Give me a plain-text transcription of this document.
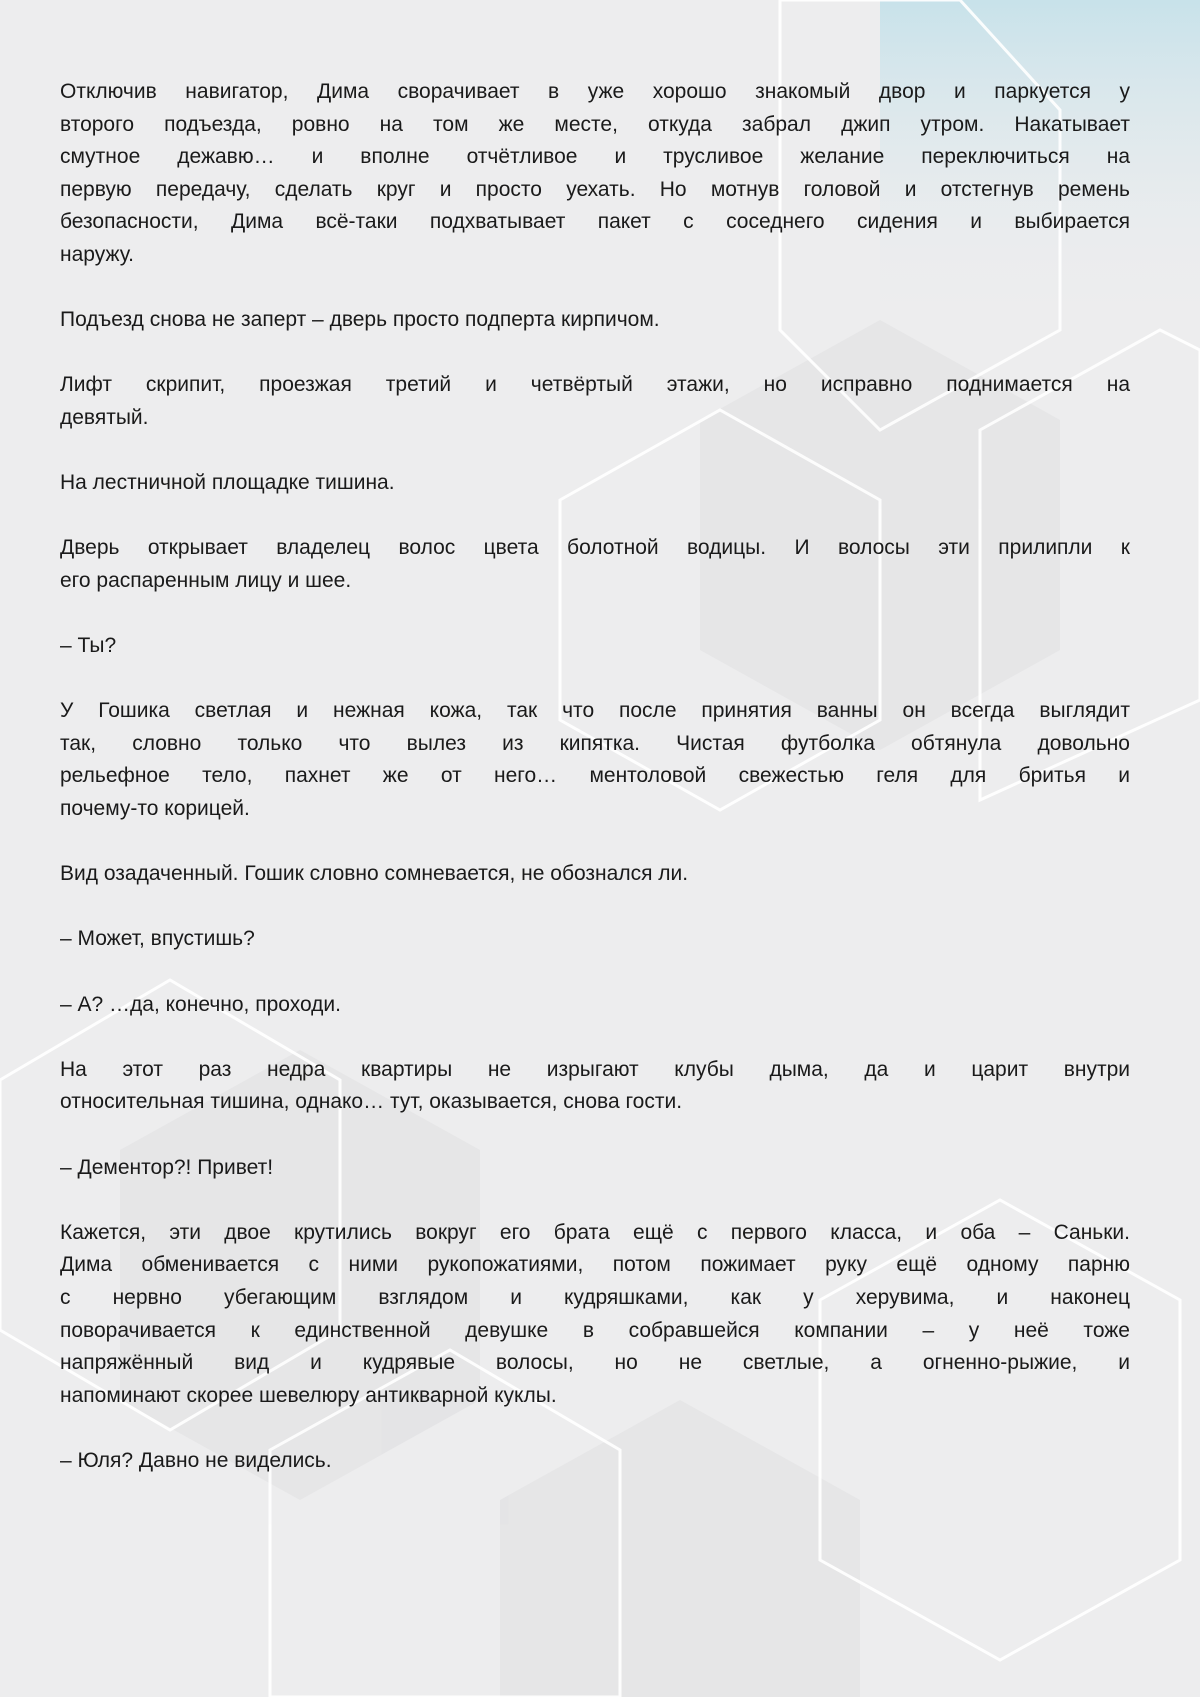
Отключив навигатор, Дима сворачивает в уже хорошо знакомый двор и паркуется у
второго подъезда, ровно на том же месте, откуда забрал джип утром. Накатывает
смутное дежавю… и вполне отчётливое и трусливое желание переключиться на
первую передачу, сделать круг и просто уехать. Но мотнув головой и отстегнув ремень
безопасности, Дима всё-таки подхватывает пакет с соседнего сидения и выбирается
наружу.

Подъезд снова не заперт – дверь просто подперта кирпичом.

Лифт скрипит, проезжая третий и четвёртый этажи, но исправно поднимается на
девятый.

На лестничной площадке тишина.

Дверь открывает владелец волос цвета болотной водицы. И волосы эти прилипли к
его распаренным лицу и шее.

– Ты?

У Гошика светлая и нежная кожа, так что после принятия ванны он всегда выглядит
так, словно только что вылез из кипятка. Чистая футболка обтянула довольно
рельефное тело, пахнет же от него… ментоловой свежестью геля для бритья и
почему-то корицей.

Вид озадаченный. Гошик словно сомневается, не обознался ли.

– Может, впустишь?

– А? …да, конечно, проходи.

На этот раз недра квартиры не изрыгают клубы дыма, да и царит внутри
относительная тишина, однако… тут, оказывается, снова гости.

– Дементор?! Привет!

Кажется, эти двое крутились вокруг его брата ещё с первого класса, и оба – Саньки.
Дима обменивается с ними рукопожатиями, потом пожимает руку ещё одному парню
с нервно убегающим взглядом и кудряшками, как у херувима, и наконец
поворачивается к единственной девушке в собравшейся компании – у неё тоже
напряжённый вид и кудрявые волосы, но не светлые, а огненно-рыжие, и
напоминают скорее шевелюру антикварной куклы.

– Юля? Давно не виделись.
